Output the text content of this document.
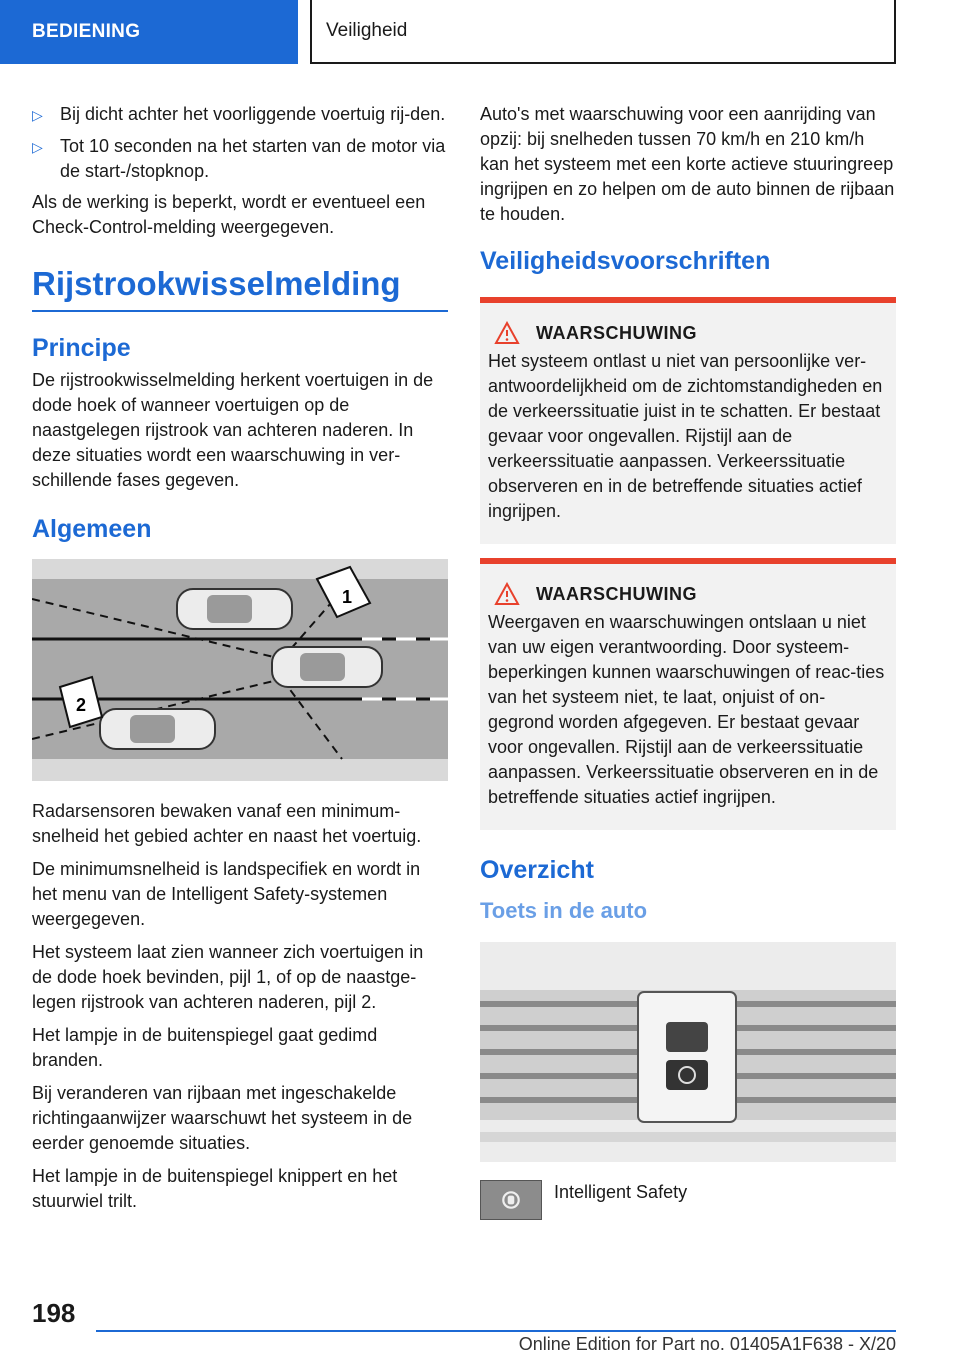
BEDIENING	Veiligheid
▷ Bij dicht achter het voorliggende voertuig rij-den.
▷ Tot 10 seconden na het starten van de motor via de start-/stopknop.

Als de werking is beperkt, wordt er eventueel een Check-Control-melding weergegeven.

Rijstrookwisselmelding
Principe

De rijstrookwisselmelding herkent voertuigen in de dode hoek of wanneer voertuigen op de naastgelegen rijstrook van achteren naderen. In deze situaties wordt een waarschuwing in ver-schillende fases gegeven.

Algemeen
1
2

Radarsensoren bewaken vanaf een minimum-snelheid het gebied achter en naast het voertuig.

De minimumsnelheid is landspecifiek en wordt in het menu van de Intelligent Safety-systemen weergegeven.

Het systeem laat zien wanneer zich voertuigen in de dode hoek bevinden, pijl 1, of op de naastge-legen rijstrook van achteren naderen, pijl 2.

Het lampje in de buitenspiegel gaat gedimd branden.

Bij veranderen van rijbaan met ingeschakelde richtingaanwijzer waarschuwt het systeem in de eerder genoemde situaties.

Het lampje in de buitenspiegel knippert en het stuurwiel trilt.

Auto's met waarschuwing voor een aanrijding van opzij: bij snelheden tussen 70 km/h en 210 km/h kan het systeem met een korte actieve stuuringreep ingrijpen en zo helpen om de auto binnen de rijbaan te houden.

Veiligheidsvoorschriften
WAARSCHUWING

Het systeem ontlast u niet van persoonlijke ver-antwoordelijkheid om de zichtomstandigheden en de verkeerssituatie juist in te schatten. Er bestaat gevaar voor ongevallen. Rijstijl aan de verkeerssituatie aanpassen. Verkeerssituatie observeren en in de betreffende situaties actief ingrijpen.

WAARSCHUWING

Weergaven en waarschuwingen ontslaan u niet van uw eigen verantwoording. Door systeem-beperkingen kunnen waarschuwingen of reac-ties van het systeem niet, te laat, onjuist of on-gegrond worden afgegeven. Er bestaat gevaar voor ongevallen. Rijstijl aan de verkeerssituatie aanpassen. Verkeerssituatie observeren en in de betreffende situaties actief ingrijpen.

Overzicht
Toets in de auto

Intelligent Safety

198
Online Edition for Part no. 01405A1F638 - X/20
